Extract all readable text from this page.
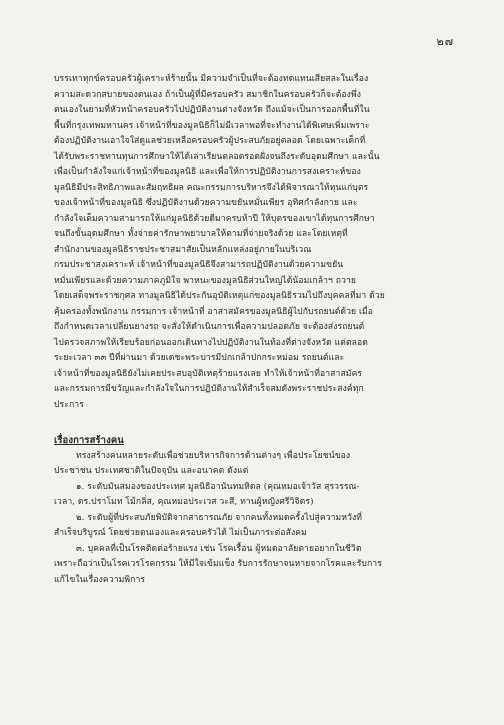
๒๗
บรรเทาทุกข์ครอบครัวผู้เคราะห์ร้ายนั้น มีความจำเป็นที่จะต้องทดแทนเสียสละในเรื่อง
ความสะดวกสบายของตนเอง ถ้าเป็นผู้ที่มีครอบครัว สมาชิกในครอบครัวก็จะต้องพึ่ง
ตนเองในยามที่หัวหน้าครอบครัวไปปฏิบัติงานต่างจังหวัด ถึงแม้จะเป็นการออกพื้นที่ใน
พื้นที่กรุงเทพมหานคร เจ้าหน้าที่ของมูลนิธิก็ไม่มีเวลาพอที่จะทำงานได้พิเศษเพิ่มเพราะ
ต้องปฏิบัติงานเอาใจใส่ดูแลช่วยเหลือครอบครัวผู้ประสบภัยอยู่ตลอด โดยเฉพาะเด็กที่
ได้รับพระราชทานทุนการศึกษาให้ได้เล่าเรียนตลอดรอดฝั่งจนถึงระดับอุดมศึกษา และนั้น
เพื่อเป็นกำลังใจแก่เจ้าหน้าที่ของมูลนิธิ และเพื่อให้การปฏิบัติงานการสงเคราะห์ของ
มูลนิธิมีประสิทธิภาพและสัมฤทธิผล คณะกรรมการบริหารจึงได้พิจารณาให้ทุนแก่บุตร
ของเจ้าหน้าที่ของมูลนิธิ ซึ่งปฏิบัติงานด้วยความขยันหมั่นเพียร อุทิศกำลังกาย และ
กำลังใจเต็มความสามารถให้แก่มูลนิธิด้วยดีมาครบห้าปี ให้บุตรของเขาได้ทุนการศึกษา
จนถึงขั้นอุดมศึกษา ทั้งจ่ายค่ารักษาพยาบาลให้ตามที่จ่ายจริงด้วย และโดยเหตุที่
สำนักงานของมูลนิธิราชประชาสมาสัยเป็นหลักแหล่งอยู่ภายในบริเวณ
กรมประชาสงเคราะห์ เจ้าหน้าที่ของมูลนิธิจึงสามารถปฏิบัติงานด้วยความขยัน
หมั่นเพียรและด้วยความภาคภูมิใจ พาหนะของมูลนิธิส่วนใหญ่ได้น้อมเกล้าฯ ถวาย
โดยเสด็จพระราชกุศล ทางมูลนิธิได้ประกันอุบัติเหตุแก่ของมูลนิธิรวมไปถึงบุคคลที่มา ด้วย
คุ้มครองทั้งพนักงาน กรรมการ เจ้าหน้าที่ อาสาสมัครของมูลนิธิผู้ไปกับรถยนต์ด้วย เมื่อ
ถึงกำหนดเวลาเปลี่ยนยางรถ จะสั่งให้ดำเนินการเพื่อความปลอดภัย จะต้องส่งรถยนต์
ไปตรวจสภาพให้เรียบร้อยก่อนออกเดินทางไปปฏิบัติงานในท้องที่ต่างจังหวัด แต่ตลอด
ระยะเวลา ๓๓ ปีที่ผ่านมา ด้วยเดชะพระบารมีปกเกล้าปกกระหม่อม รถยนต์และ
เจ้าหน้าที่ของมูลนิธิยังไม่เคยประสบอุบัติเหตุร้ายแรงเลย ทำให้เจ้าหน้าที่อาสาสมัคร
และกรรมการมีขวัญและกำลังใจในการปฏิบัติงานให้สำเร็จสมดังพระราชประสงค์ทุก
ประการ
เรื่องการสร้างคน
ทรงสร้างคนหลายระดับเพื่อช่วยบริหารกิจการด้านต่างๆ เพื่อประโยชน์ของ
ประชาชน ประเทศชาติในปัจจุบัน และอนาคต ดังแต่
๑. ระดับมันสมองของประเทศ มูลนิธิอานันทมหิดล (คุณหมอเจ้าวัส สุรวรรณ-
เวลา, ดร.ปราโมท โม้กลิ่ส, คุณหมอประเวส วะสี, ทานผู้หญิงศรีวิจิตร)
๒. ระดับผู้ที่ประสบภัยพิบัติจากสาธารณภัย จากคนทั้งหมดครั้งไปสู่ความหวังที่
สำเร็จบริบูรณ์ โดยช่วยตนเองและครอบครัวได้ ไม่เป็นภาระต่อสังคม
๓. บุคคลที่เป็นโรคติดต่อร้ายแรง เช่น โรคเรื้อน ผู้หมดอาลัยตายอยากในชีวิต
เพราะถือว่าเป็นโรคเวรโรคกรรม ให้มีใจเข้มแข็ง รับการรักษาจนหายจากโรคและรับการ
แก้ไขในเรื่องความพิการ
